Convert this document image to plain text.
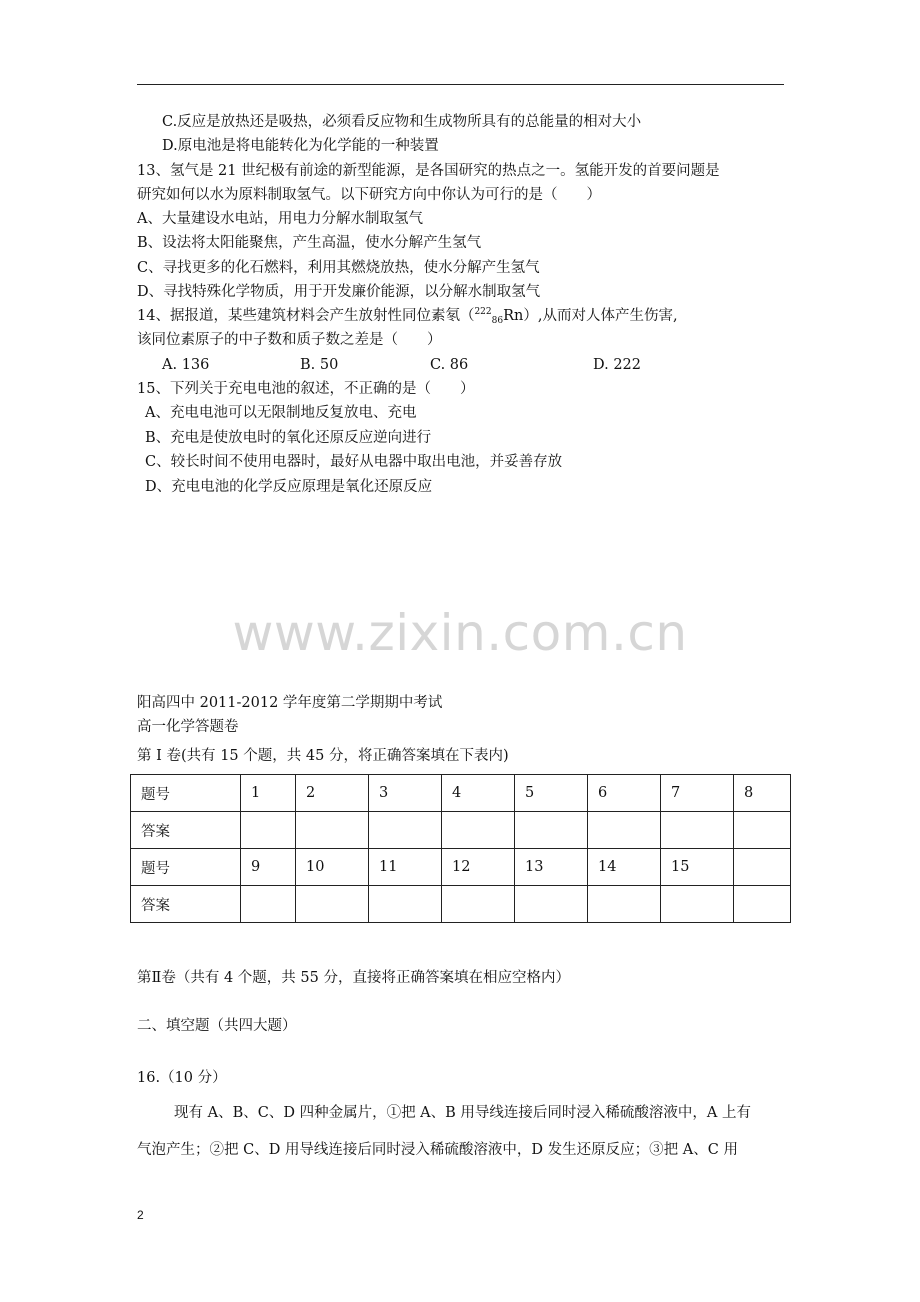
C.反应是放热还是吸热，必须看反应物和生成物所具有的总能量的相对大小
D.原电池是将电能转化为化学能的一种装置
13、氢气是 21 世纪极有前途的新型能源，是各国研究的热点之一。氢能开发的首要问题是
研究如何以水为原料制取氢气。以下研究方向中你认为可行的是（　　）
A、大量建设水电站，用电力分解水制取氢气
B、设法将太阳能聚焦，产生高温，使水分解产生氢气
C、寻找更多的化石燃料，利用其燃烧放热，使水分解产生氢气
D、寻找特殊化学物质，用于开发廉价能源，以分解水制取氢气
14、据报道，某些建筑材料会产生放射性同位素氡（$^{222}_{86}$Rn）,从而对人体产生伤害,
该同位素原子的中子数和质子数之差是（　　）
A. 136	B. 50	C. 86	D. 222
15、下列关于充电电池的叙述，不正确的是（　　）
A、充电电池可以无限制地反复放电、充电
B、充电是使放电时的氧化还原反应逆向进行
C、较长时间不使用电器时，最好从电器中取出电池，并妥善存放
D、充电电池的化学反应原理是氧化还原反应
www.zixin.com.cn
阳高四中 2011-2012 学年度第二学期期中考试
高一化学答题卷
第 I 卷(共有 15 个题，共 45 分，将正确答案填在下表内)
题号	1	2	3	4	5	6	7	8
答案								
题号	9	10	11	12	13	14	15	
答案								
第Ⅱ卷（共有 4 个题，共 55 分，直接将正确答案填在相应空格内）
二、填空题（共四大题）
16.（10 分）
现有 A、B、C、D 四种金属片，①把 A、B 用导线连接后同时浸入稀硫酸溶液中，A 上有
气泡产生；②把 C、D 用导线连接后同时浸入稀硫酸溶液中，D 发生还原反应；③把 A、C 用
2
